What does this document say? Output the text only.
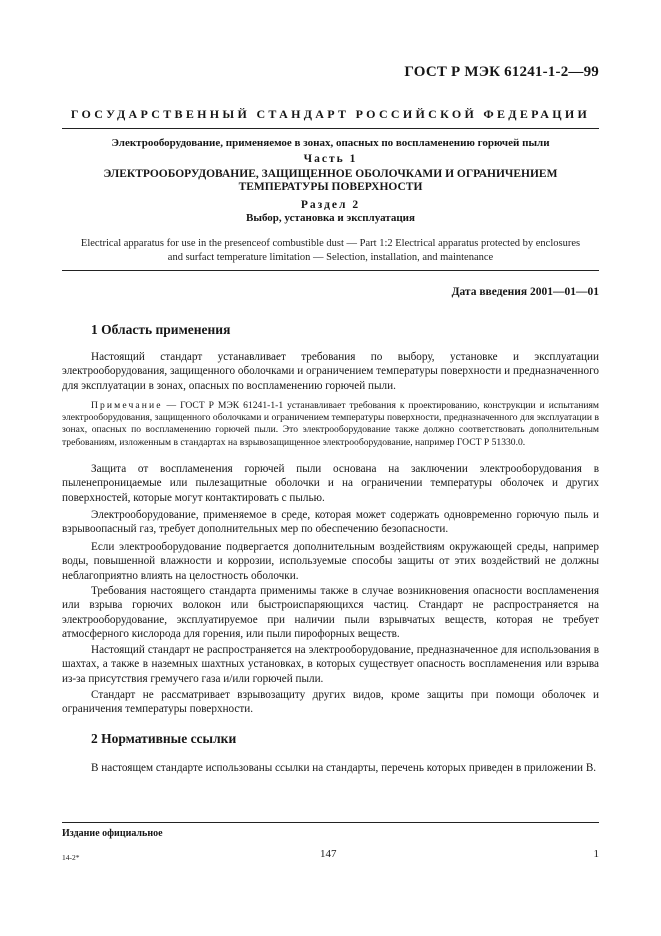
ГОСТ Р МЭК 61241-1-2—99
ГОСУДАРСТВЕННЫЙ СТАНДАРТ РОССИЙСКОЙ ФЕДЕРАЦИИ
Электрооборудование, применяемое в зонах, опасных по воспламенению горючей пыли
Часть 1
ЭЛЕКТРООБОРУДОВАНИЕ, ЗАЩИЩЕННОЕ ОБОЛОЧКАМИ И ОГРАНИЧЕНИЕМ ТЕМПЕРАТУРЫ ПОВЕРХНОСТИ
Раздел 2
Выбор, установка и эксплуатация
Electrical apparatus for use in the presenceof combustible dust — Part 1:2 Electrical apparatus protected by enclosures and surfact temperature limitation — Selection, installation, and maintenance
Дата введения 2001—01—01
1 Область применения
Настоящий стандарт устанавливает требования по выбору, установке и эксплуатации электрооборудования, защищенного оболочками и ограничением температуры поверхности и предназначенного для эксплуатации в зонах, опасных по воспламенению горючей пыли.
Примечание — ГОСТ Р МЭК 61241-1-1 устанавливает требования к проектированию, конструкции и испытаниям электрооборудования, защищенного оболочками и ограничением температуры поверхности, предназначенного для эксплуатации в зонах, опасных по воспламенению горючей пыли. Это электрооборудование также должно соответствовать дополнительным требованиям, изложенным в стандартах на взрывозащищенное электрооборудование, например ГОСТ Р 51330.0.
Защита от воспламенения горючей пыли основана на заключении электрооборудования в пыленепроницаемые или пылезащитные оболочки и на ограничении температуры оболочек и других поверхностей, которые могут контактировать с пылью.
Электрооборудование, применяемое в среде, которая может содержать одновременно горючую пыль и взрывоопасный газ, требует дополнительных мер по обеспечению безопасности.
Если электрооборудование подвергается дополнительным воздействиям окружающей среды, например воды, повышенной влажности и коррозии, используемые способы защиты от этих воздействий не должны неблагоприятно влиять на целостность оболочки.
Требования настоящего стандарта применимы также в случае возникновения опасности воспламенения или взрыва горючих волокон или быстроиспаряющихся частиц. Стандарт не распространяется на электрооборудование, эксплуатируемое при наличии пыли взрывчатых веществ, которая не требует атмосферного кислорода для горения, или пыли пирофорных веществ.
Настоящий стандарт не распространяется на электрооборудование, предназначенное для использования в шахтах, а также в наземных шахтных установках, в которых существует опасность воспламенения или взрыва из-за присутствия гремучего газа и/или горючей пыли.
Стандарт не рассматривает взрывозащиту других видов, кроме защиты при помощи оболочек и ограничения температуры поверхности.
2 Нормативные ссылки
В настоящем стандарте использованы ссылки на стандарты, перечень которых приведен в приложении В.
Издание официальное
14-2*	147	1
